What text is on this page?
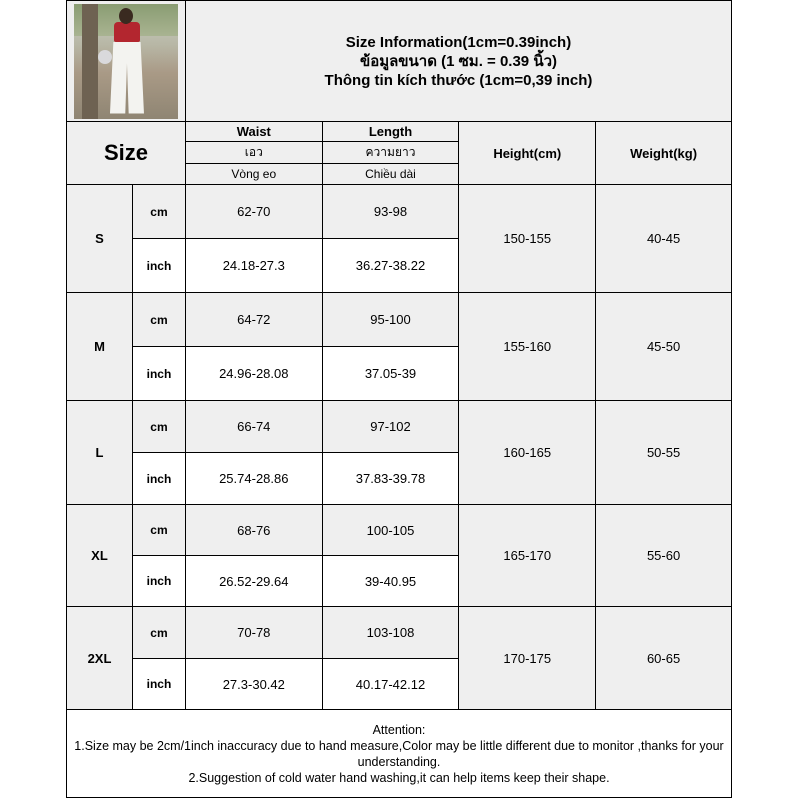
		Size Information(1cm=0.39inch)
ข้อมูลขนาด (1 ซม. = 0.39 นิ้ว)
Thông tin kích thước (1cm=0,39 inch)			

Size		Waist	Length	Height(cm)	Weight(kg)
		เอว	ความยาว		
		Vòng eo	Chiều dài		
S	cm	62-70	93-98	150-155	40-45
	inch	24.18-27.3	36.27-38.22		
M	cm	64-72	95-100	155-160	45-50
	inch	24.96-28.08	37.05-39		
L	cm	66-74	97-102	160-165	50-55
	inch	25.74-28.86	37.83-39.78		
XL	cm	68-76	100-105	165-170	55-60
	inch	26.52-29.64	39-40.95		
2XL	cm	70-78	103-108	170-175	60-65
	inch	27.3-30.42	40.17-42.12		

Attention:
1.Size may be 2cm/1inch inaccuracy due to hand measure,Color may be little different due to monitor ,thanks for your understanding.
2.Suggestion of cold water hand washing,it can help items keep their shape.					
